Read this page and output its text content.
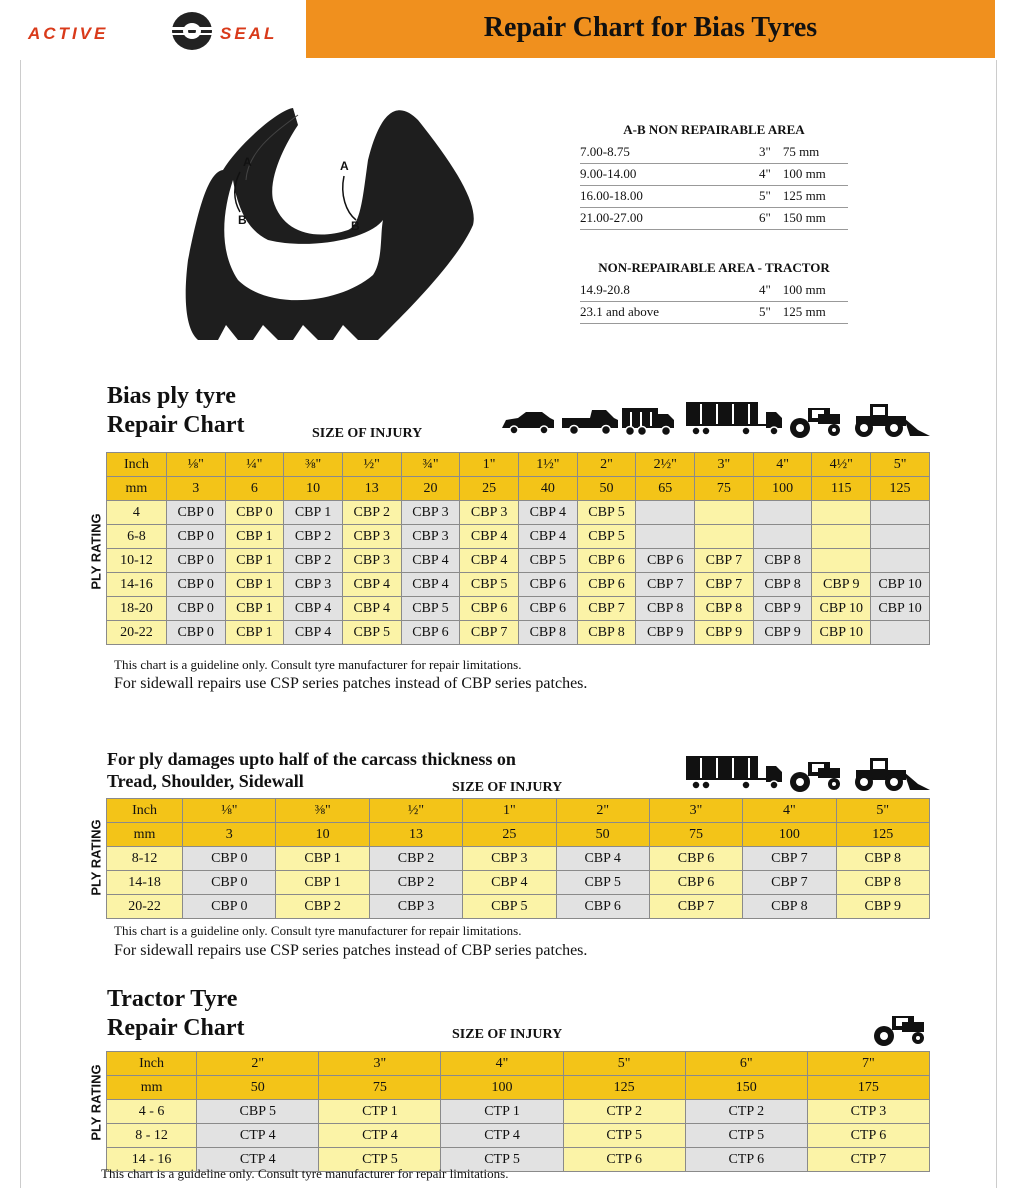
ACTIVE	SEAL	Repair Chart for Bias Tyres
A
B
A
B
A-B NON REPAIRABLE AREA
7.00-8.75	3"	75 mm
9.00-14.00	4"	100 mm
16.00-18.00	5"	125 mm
21.00-27.00	6"	150 mm
NON-REPAIRABLE AREA - TRACTOR
14.9-20.8	4"	100 mm
23.1 and above	5"	125 mm
Bias ply tyre
Repair Chart	SIZE OF INJURY
PLY RATING
Inch	⅛"	¼"	⅜"	½"	¾"	1"	1½"	2"	2½"	3"	4"	4½"	5"
mm	3	6	10	13	20	25	40	50	65	75	100	115	125
4	CBP 0	CBP 0	CBP 1	CBP 2	CBP 3	CBP 3	CBP 4	CBP 5					
6-8	CBP 0	CBP 1	CBP 2	CBP 3	CBP 3	CBP 4	CBP 4	CBP 5					
10-12	CBP 0	CBP 1	CBP 2	CBP 3	CBP 4	CBP 4	CBP 5	CBP 6	CBP 6	CBP 7	CBP 8		
14-16	CBP 0	CBP 1	CBP 3	CBP 4	CBP 4	CBP 5	CBP 6	CBP 6	CBP 7	CBP 7	CBP 8	CBP 9	CBP 10
18-20	CBP 0	CBP 1	CBP 4	CBP 4	CBP 5	CBP 6	CBP 6	CBP 7	CBP 8	CBP 8	CBP 9	CBP 10	CBP 10
20-22	CBP 0	CBP 1	CBP 4	CBP 5	CBP 6	CBP 7	CBP 8	CBP 8	CBP 9	CBP 9	CBP 9	CBP 10	
This chart is a guideline only. Consult tyre manufacturer for repair limitations.
For sidewall repairs use CSP series patches instead of CBP series patches.
For ply damages upto half of the carcass thickness on
Tread, Shoulder, Sidewall	SIZE OF INJURY
PLY RATING
Inch	⅛"	⅜"	½"	1"	2"	3"	4"	5"
mm	3	10	13	25	50	75	100	125
8-12	CBP 0	CBP 1	CBP 2	CBP 3	CBP 4	CBP 6	CBP 7	CBP 8
14-18	CBP 0	CBP 1	CBP 2	CBP 4	CBP 5	CBP 6	CBP 7	CBP 8
20-22	CBP 0	CBP 2	CBP 3	CBP 5	CBP 6	CBP 7	CBP 8	CBP 9
This chart is a guideline only. Consult tyre manufacturer for repair limitations.
For sidewall repairs use CSP series patches instead of CBP series patches.
Tractor Tyre
Repair Chart	SIZE OF INJURY
PLY RATING
Inch	2"	3"	4"	5"	6"	7"
mm	50	75	100	125	150	175
4 - 6	CBP 5	CTP 1	CTP 1	CTP 2	CTP 2	CTP 3
8 - 12	CTP 4	CTP 4	CTP 4	CTP 5	CTP 5	CTP 6
14 - 16	CTP 4	CTP 5	CTP 5	CTP 6	CTP 6	CTP 7
This chart is a guideline only. Consult tyre manufacturer for repair limitations.
